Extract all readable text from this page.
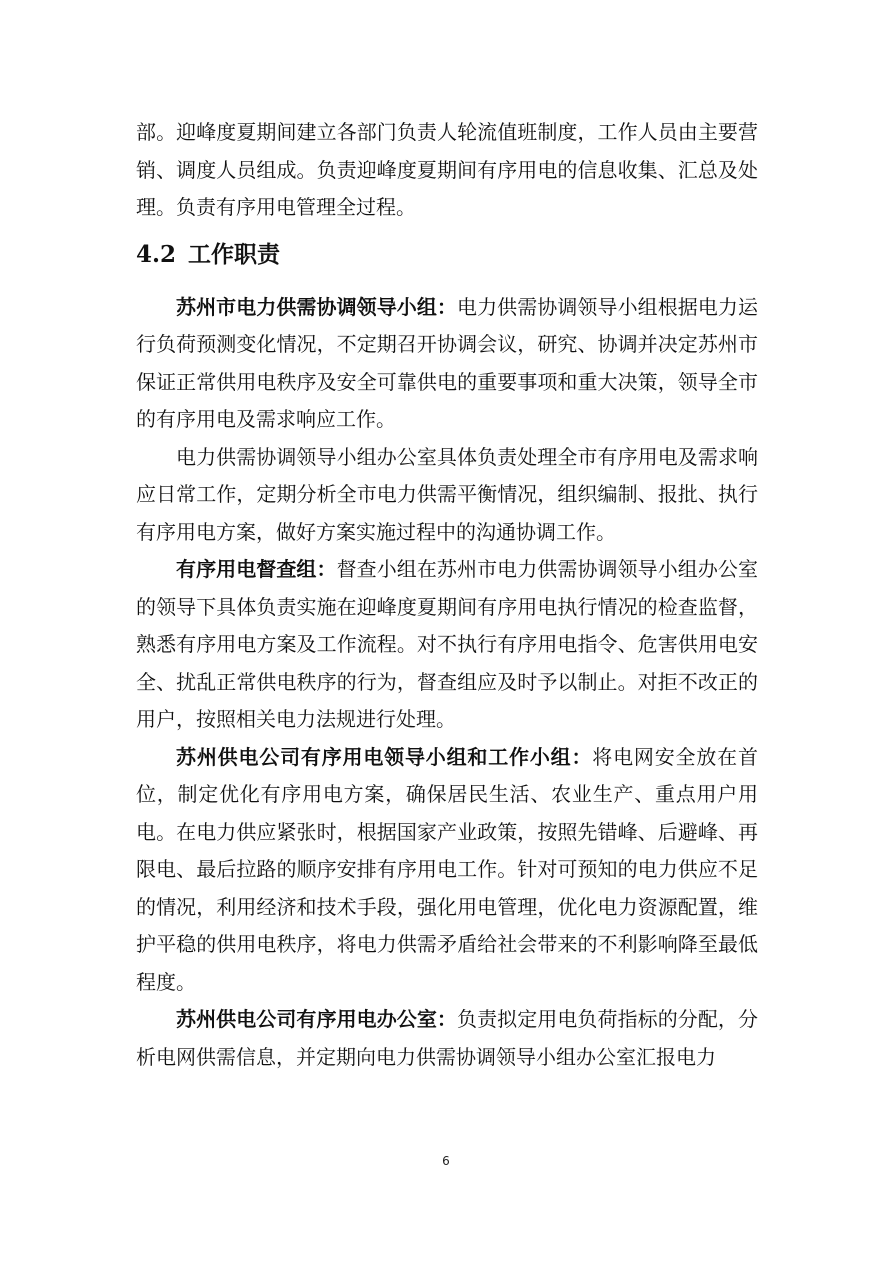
部。迎峰度夏期间建立各部门负责人轮流值班制度，工作人员由主要营销、调度人员组成。负责迎峰度夏期间有序用电的信息收集、汇总及处理。负责有序用电管理全过程。

4.2 工作职责

苏州市电力供需协调领导小组：电力供需协调领导小组根据电力运行负荷预测变化情况，不定期召开协调会议，研究、协调并决定苏州市保证正常供用电秩序及安全可靠供电的重要事项和重大决策，领导全市的有序用电及需求响应工作。

电力供需协调领导小组办公室具体负责处理全市有序用电及需求响应日常工作，定期分析全市电力供需平衡情况，组织编制、报批、执行有序用电方案，做好方案实施过程中的沟通协调工作。

有序用电督查组：督查小组在苏州市电力供需协调领导小组办公室的领导下具体负责实施在迎峰度夏期间有序用电执行情况的检查监督，熟悉有序用电方案及工作流程。对不执行有序用电指令、危害供用电安全、扰乱正常供电秩序的行为，督查组应及时予以制止。对拒不改正的用户，按照相关电力法规进行处理。

苏州供电公司有序用电领导小组和工作小组：将电网安全放在首位，制定优化有序用电方案，确保居民生活、农业生产、重点用户用电。在电力供应紧张时，根据国家产业政策，按照先错峰、后避峰、再限电、最后拉路的顺序安排有序用电工作。针对可预知的电力供应不足的情况，利用经济和技术手段，强化用电管理，优化电力资源配置，维护平稳的供用电秩序，将电力供需矛盾给社会带来的不利影响降至最低程度。

苏州供电公司有序用电办公室：负责拟定用电负荷指标的分配，分析电网供需信息，并定期向电力供需协调领导小组办公室汇报电力

6
